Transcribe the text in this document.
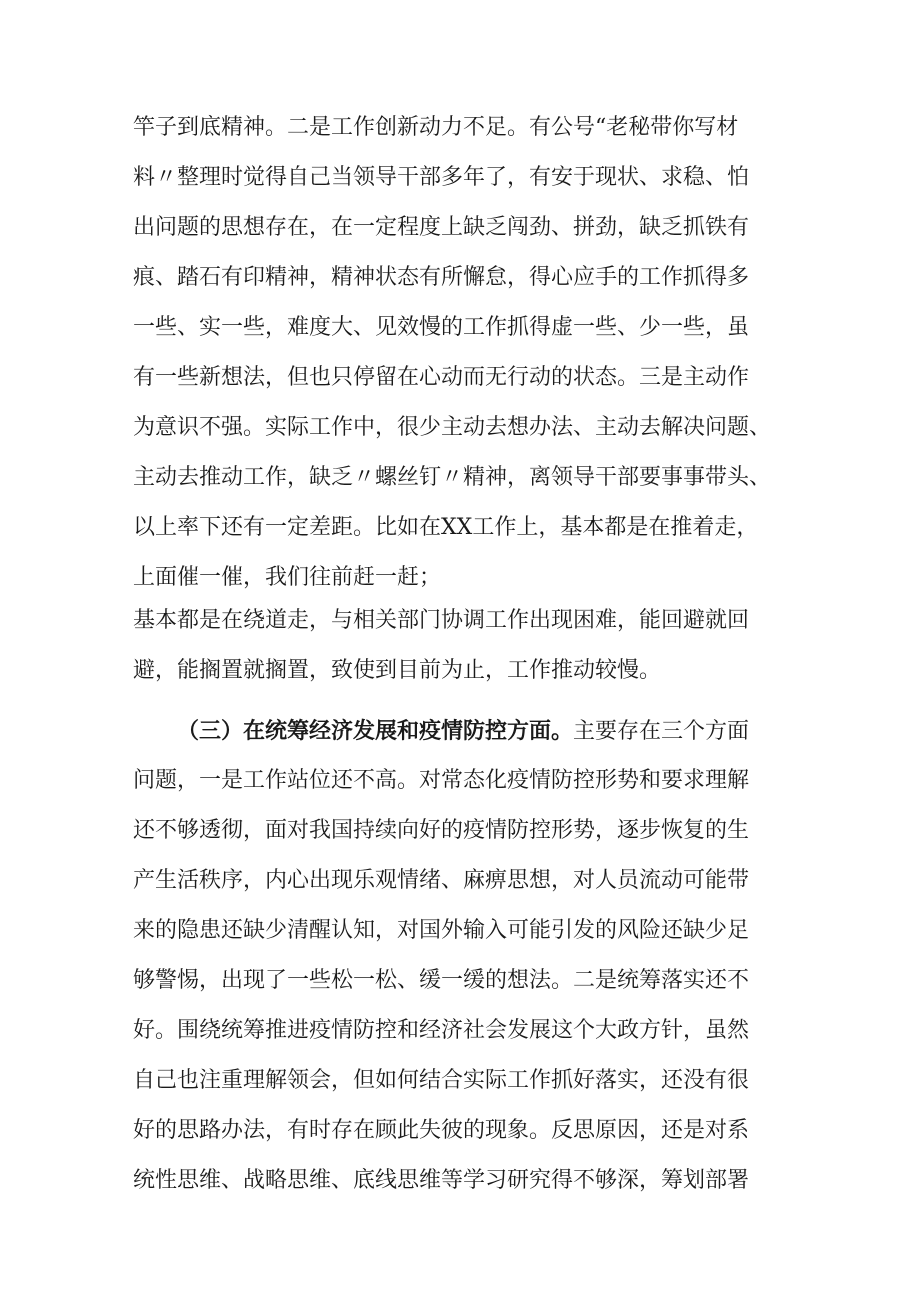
竿子到底精神。二是工作创新动力不足。有公号“老秘带你写材
料〃整理时觉得自己当领导干部多年了，有安于现状、求稳、怕
出问题的思想存在，在一定程度上缺乏闯劲、拼劲，缺乏抓铁有
痕、踏石有印精神，精神状态有所懈怠，得心应手的工作抓得多
一些、实一些，难度大、见效慢的工作抓得虚一些、少一些，虽
有一些新想法，但也只停留在心动而无行动的状态。三是主动作
为意识不强。实际工作中，很少主动去想办法、主动去解决问题、
主动去推动工作，缺乏〃螺丝钉〃精神，离领导干部要事事带头、
以上率下还有一定差距。比如在XX工作上，基本都是在推着走，
上面催一催，我们往前赶一赶；
基本都是在绕道走，与相关部门协调工作出现困难，能回避就回
避，能搁置就搁置，致使到目前为止，工作推动较慢。
（三）在统筹经济发展和疫情防控方面。主要存在三个方面
问题，一是工作站位还不高。对常态化疫情防控形势和要求理解
还不够透彻，面对我国持续向好的疫情防控形势，逐步恢复的生
产生活秩序，内心出现乐观情绪、麻痹思想，对人员流动可能带
来的隐患还缺少清醒认知，对国外输入可能引发的风险还缺少足
够警惕，出现了一些松一松、缓一缓的想法。二是统筹落实还不
好。围绕统筹推进疫情防控和经济社会发展这个大政方针，虽然
自己也注重理解领会，但如何结合实际工作抓好落实，还没有很
好的思路办法，有时存在顾此失彼的现象。反思原因，还是对系
统性思维、战略思维、底线思维等学习研究得不够深，筹划部署
